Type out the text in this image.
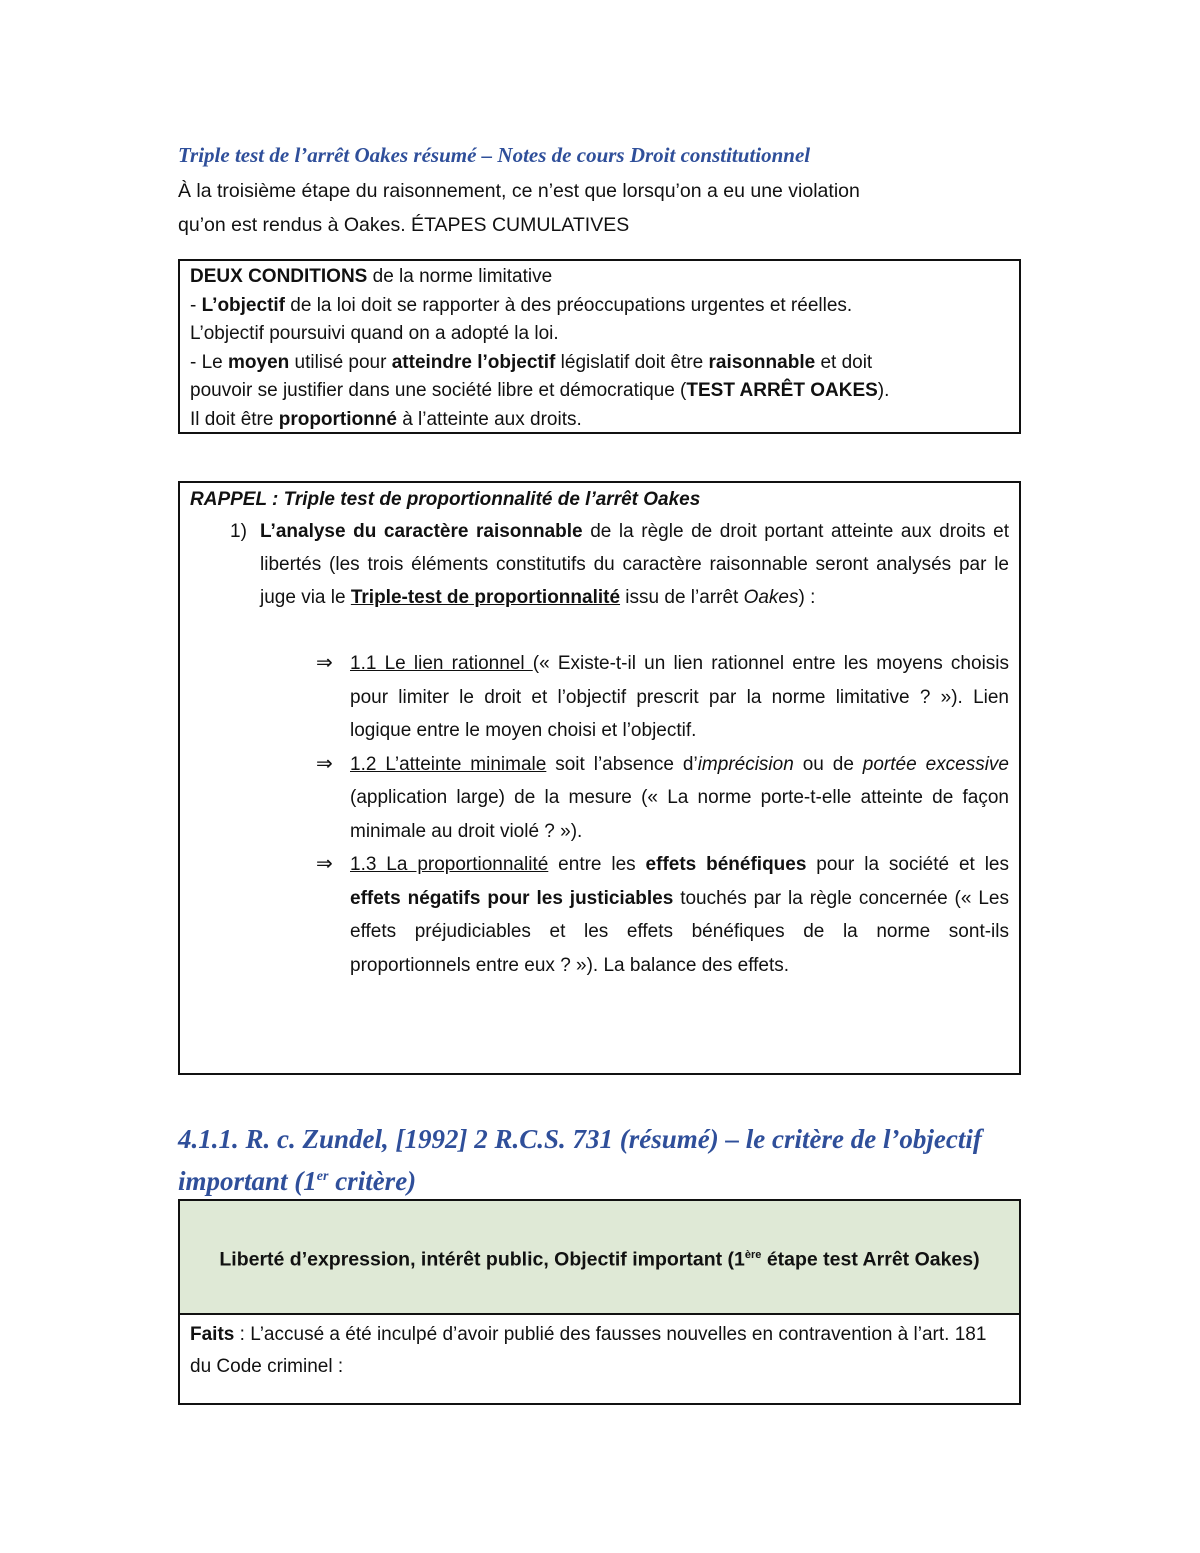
Triple test de l’arrêt Oakes résumé – Notes de cours Droit constitutionnel
À la troisième étape du raisonnement, ce n’est que lorsqu’on a eu une violation
qu’on est rendus à Oakes. ÉTAPES CUMULATIVES
DEUX CONDITIONS de la norme limitative
- L’objectif de la loi doit se rapporter à des préoccupations urgentes et réelles.
L’objectif poursuivi quand on a adopté la loi.
- Le moyen utilisé pour atteindre l’objectif législatif doit être raisonnable et doit
pouvoir se justifier dans une société libre et démocratique (TEST ARRÊT OAKES).
Il doit être proportionné à l’atteinte aux droits.
RAPPEL : Triple test de proportionnalité de l’arrêt Oakes
1) L’analyse du caractère raisonnable de la règle de droit portant atteinte aux droits et libertés (les trois éléments constitutifs du caractère raisonnable seront analysés par le juge via le Triple-test de proportionnalité issu de l’arrêt Oakes) :
⇒ 1.1 Le lien rationnel (« Existe-t-il un lien rationnel entre les moyens choisis pour limiter le droit et l’objectif prescrit par la norme limitative ? »). Lien logique entre le moyen choisi et l’objectif.
⇒ 1.2 L’atteinte minimale soit l’absence d’imprécision ou de portée excessive (application large) de la mesure (« La norme porte-t-elle atteinte de façon minimale au droit violé ? »).
⇒ 1.3 La proportionnalité entre les effets bénéfiques pour la société et les effets négatifs pour les justiciables touchés par la règle concernée (« Les effets préjudiciables et les effets bénéfiques de la norme sont-ils proportionnels entre eux ? »). La balance des effets.
4.1.1. R. c. Zundel, [1992] 2 R.C.S. 731 (résumé) – le critère de l’objectif important (1er critère)
Liberté d’expression, intérêt public, Objectif important (1ère étape test Arrêt Oakes)
Faits : L’accusé a été inculpé d’avoir publié des fausses nouvelles en contravention à l’art. 181 du Code criminel :
